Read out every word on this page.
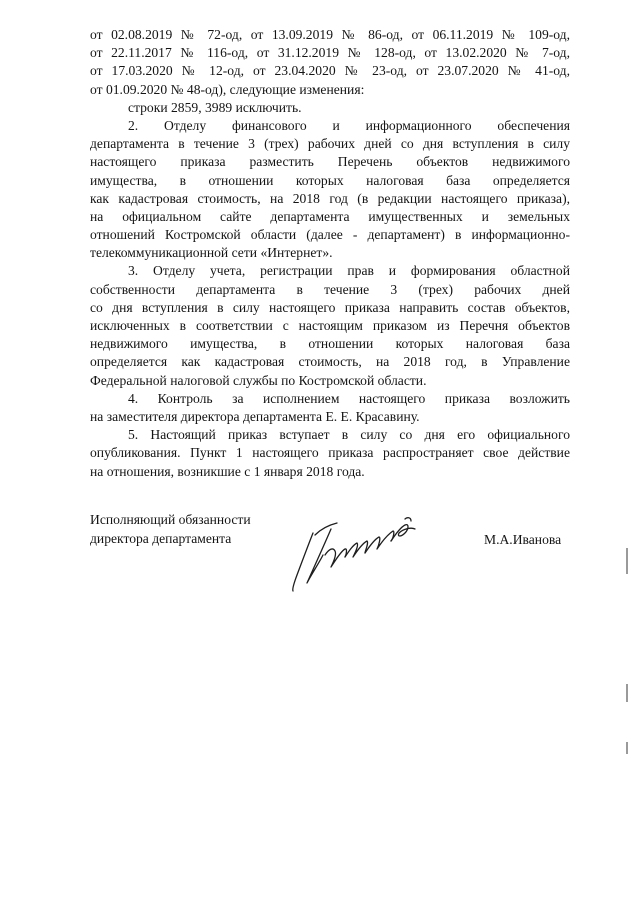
от 02.08.2019 № 72-од, от 13.09.2019 № 86-од, от 06.11.2019 № 109-од,
от 22.11.2017 № 116-од, от 31.12.2019 № 128-од, от 13.02.2020 № 7-од,
от 17.03.2020 № 12-од, от 23.04.2020 № 23-од, от 23.07.2020 № 41-од,
от 01.09.2020 № 48-од), следующие изменения:
строки 2859, 3989 исключить.
2. Отделу финансового и информационного обеспечения
департамента в течение 3 (трех) рабочих дней со дня вступления в силу
настоящего приказа разместить Перечень объектов недвижимого
имущества, в отношении которых налоговая база определяется
как кадастровая стоимость, на 2018 год (в редакции настоящего приказа),
на официальном сайте департамента имущественных и земельных
отношений Костромской области (далее - департамент) в информационно-
телекоммуникационной сети «Интернет».
3. Отделу учета, регистрации прав и формирования областной
собственности департамента в течение 3 (трех) рабочих дней
со дня вступления в силу настоящего приказа направить состав объектов,
исключенных в соответствии с настоящим приказом из Перечня объектов
недвижимого имущества, в отношении которых налоговая база
определяется как кадастровая стоимость, на 2018 год, в Управление
Федеральной налоговой службы по Костромской области.
4. Контроль за исполнением настоящего приказа возложить
на заместителя директора департамента Е. Е. Красавину.
5. Настоящий приказ вступает в силу со дня его официального
опубликования. Пункт 1 настоящего приказа распространяет свое действие
на отношения, возникшие с 1 января 2018 года.
Исполняющий обязанности
директора департамента	М.А.Иванова
